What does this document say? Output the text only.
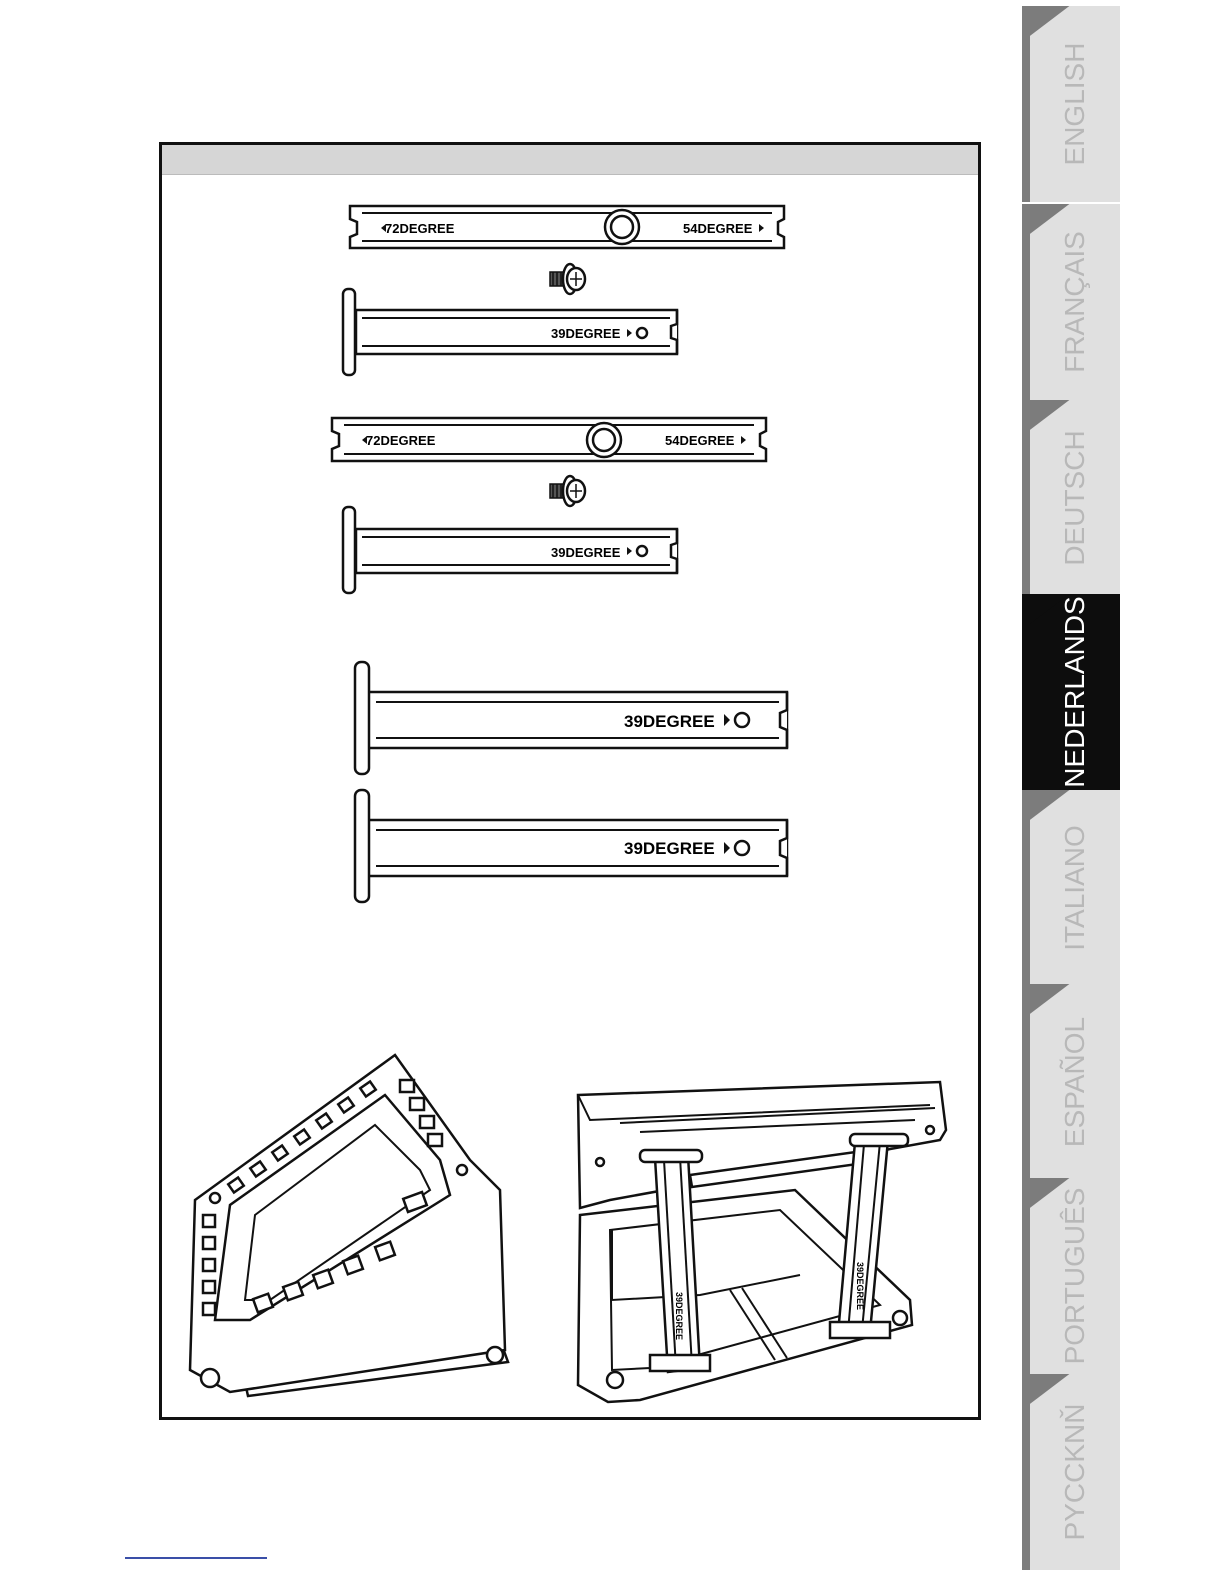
72DEGREE	54DEGREE
39DEGREE
72DEGREE	54DEGREE
39DEGREE
39DEGREE
39DEGREE
39DEGREE
39DEGREE
ENGLISH
FRANÇAIS
DEUTSCH
NEDERLANDS
ITALIANO
ESPAÑOL
PORTUGUÊS
PYCCKNŇ
